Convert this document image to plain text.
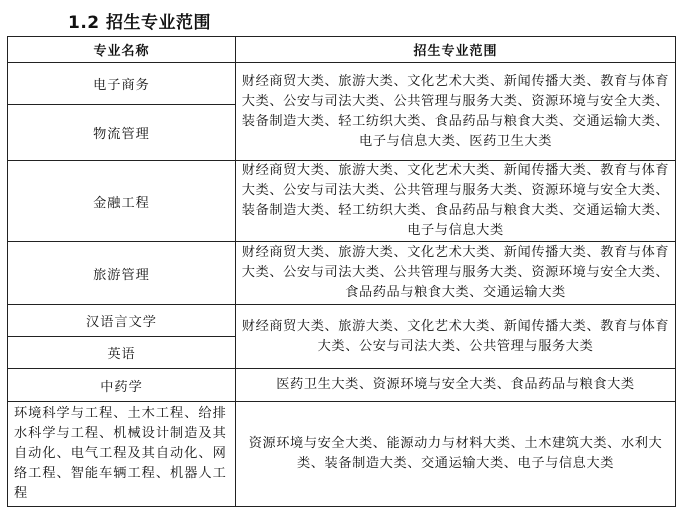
1.2 招生专业范围
专业名称	招生专业范围
电子商务	财经商贸大类、旅游大类、文化艺术大类、新闻传播大类、教育与体育大类、公安与司法大类、公共管理与服务大类、资源环境与安全大类、装备制造大类、轻工纺织大类、食品药品与粮食大类、交通运输大类、电子与信息大类、医药卫生大类
物流管理	
金融工程	财经商贸大类、旅游大类、文化艺术大类、新闻传播大类、教育与体育大类、公安与司法大类、公共管理与服务大类、资源环境与安全大类、装备制造大类、轻工纺织大类、食品药品与粮食大类、交通运输大类、电子与信息大类
旅游管理	财经商贸大类、旅游大类、文化艺术大类、新闻传播大类、教育与体育大类、公安与司法大类、公共管理与服务大类、资源环境与安全大类、食品药品与粮食大类、交通运输大类
汉语言文学	财经商贸大类、旅游大类、文化艺术大类、新闻传播大类、教育与体育大类、公安与司法大类、公共管理与服务大类
英语	
中药学	医药卫生大类、资源环境与安全大类、食品药品与粮食大类
环境科学与工程、土木工程、给排水科学与工程、机械设计制造及其自动化、电气工程及其自动化、网络工程、智能车辆工程、机器人工程	资源环境与安全大类、能源动力与材料大类、土木建筑大类、水利大类、装备制造大类、交通运输大类、电子与信息大类
